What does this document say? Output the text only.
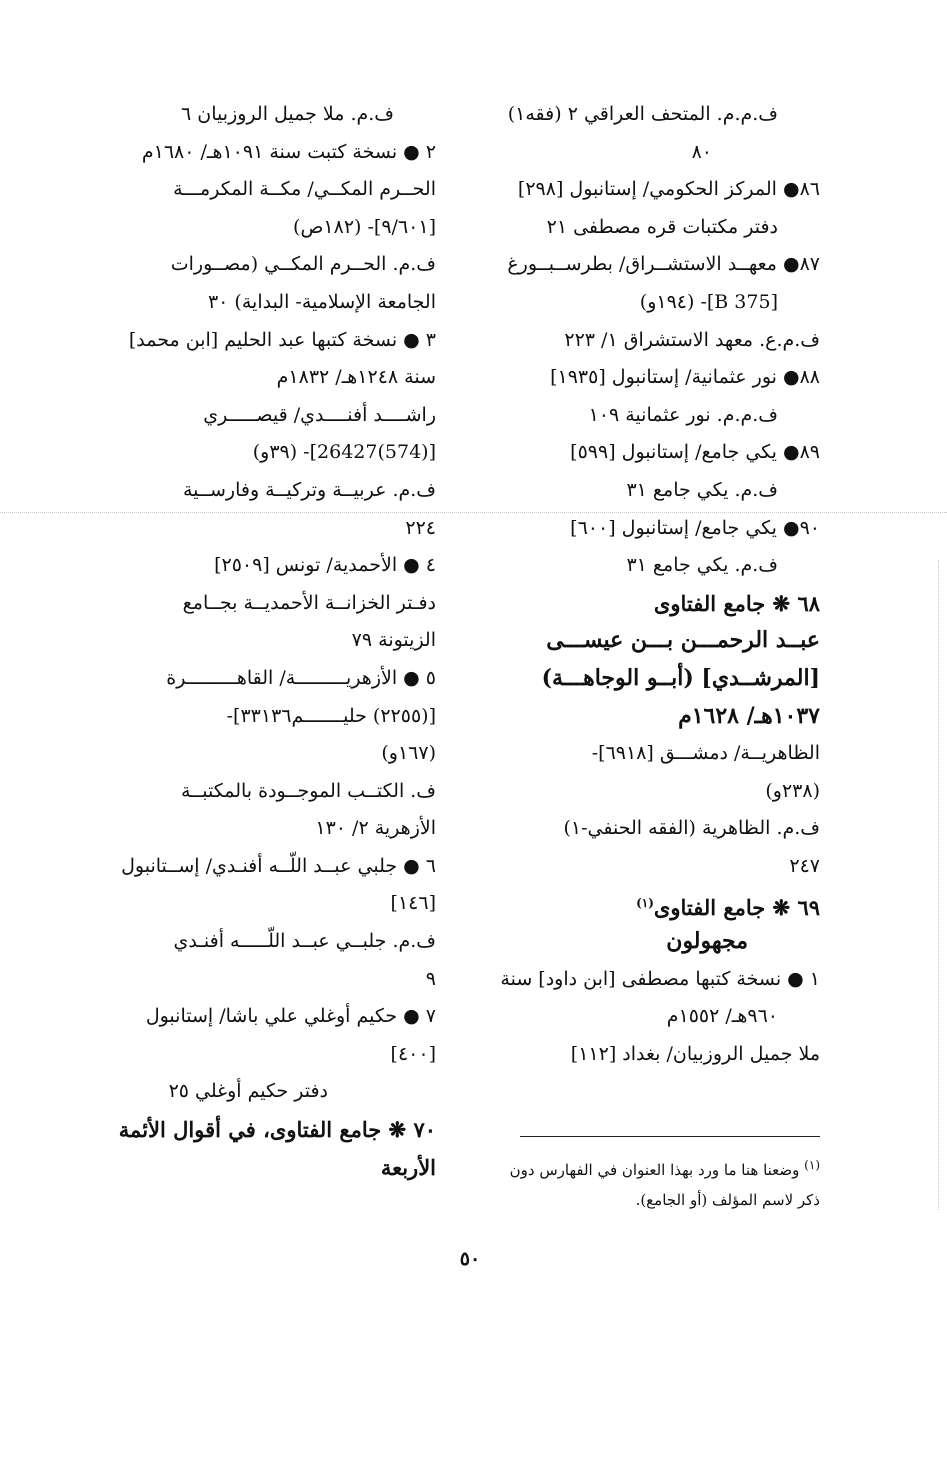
ف.م.م. المتحف العراقي ٢ (فقه١)
٨٠
٨٦● المركز الحكومي/ إستانبول [٢٩٨]
دفتر مكتبات قره مصطفى ٢١
٨٧● معهــد الاستشــراق/ بطرســبــورغ
[B 375]- (١٩٤و)
ف.م.ع. معهد الاستشراق ١/ ٢٢٣
٨٨● نور عثمانية/ إستانبول [١٩٣٥]
ف.م.م. نور عثمانية ١٠٩
٨٩● يكي جامع/ إستانبول [٥٩٩]
ف.م. يكي جامع ٣١
٩٠● يكي جامع/ إستانبول [٦٠٠]
ف.م. يكي جامع ٣١
٦٨ ❋ جامع الفتاوى
عبــد الرحمـــن بـــن عيســـى
[المرشــدي] (أبــو الوجاهـــة)
١٠٣٧هـ/ ١٦٢٨م
الظاهريــة/ دمشـــق [٦٩١٨]-
(٢٣٨و)
ف.م. الظاهرية (الفقه الحنفي-١)
٢٤٧
٦٩ ❋ جامع الفتاوى$^{(١)}$
مجهولون
١ ● نسخة كتبها مصطفى [ابن داود] سنة
٩٦٠هـ/ ١٥٥٢م
ملا جميل الروزبيان/ بغداد [١١٢]
ف.م. ملا جميل الروزبيان ٦
٢ ● نسخة كتبت سنة ١٠٩١هـ/ ١٦٨٠م
الحــرم المكــي/ مكــة المكرمـــة
[٩/٦٠١]- (١٨٢ص)
ف.م. الحــرم المكــي (مصــورات
الجامعة الإسلامية- البداية) ٣٠
٣ ● نسخة كتبها عبد الحليم [ابن محمد]
سنة ١٢٤٨هـ/ ١٨٣٢م
راشــــد أفنــــدي/ قيصـــــري
[(574)26427]- (٣٩و)
ف.م. عربيــة وتركيــة وفارســية
٢٢٤
٤ ● الأحمدية/ تونس [٢٥٠٩]
دفـتر الخزانــة الأحمديــة بجــامع
الزيتونة ٧٩
٥ ● الأزهريـــــــــة/ القاهـــــــــرة
[(٢٢٥٥) حليـــــــم٣٣١٣٦]-
(١٦٧و)
ف. الكتــب الموجــودة بالمكتبــة
الأزهرية ٢/ ١٣٠
٦ ● جلبي عبــد اللّــه أفنـدي/ إســتانبول
[١٤٦]
ف.م. جلبــي عبــد اللّـــــه أفنـدي
٩
٧ ● حكيم أوغلي علي باشا/ إستانبول
[٤٠٠]
دفتر حكيم أوغلي ٢٥
٧٠ ❋ جامع الفتاوى، في أقوال الأئمة
الأربعة	$^{(١)}$ وضعنا هنا ما ورد بهذا العنوان في الفهارس دون
ذكر لاسم المؤلف (أو الجامع).
٥٠
